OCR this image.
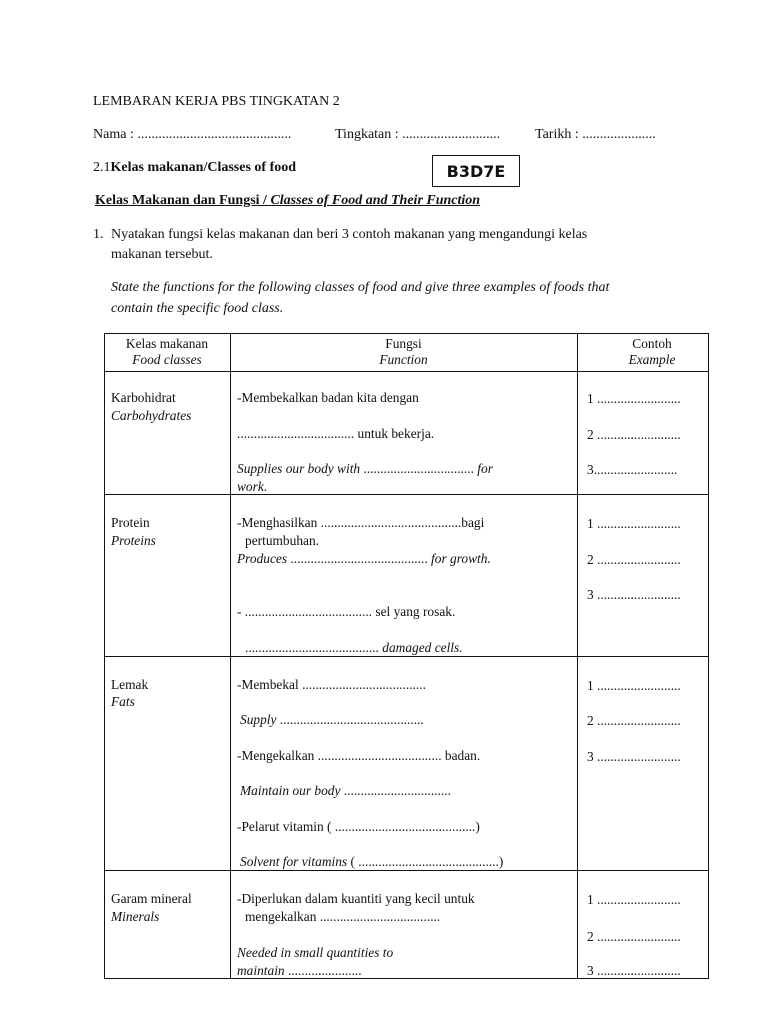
LEMBARAN KERJA PBS TINGKATAN 2
Nama : ............................................	Tingkatan : ............................ Tarikh : .....................
2.1Kelas makanan/Classes of food	B3D7E
Kelas Makanan dan Fungsi / Classes of Food and Their Function
1. Nyatakan fungsi kelas makanan dan beri 3 contoh makanan yang mengandungi kelas
makanan tersebut.
State the functions for the following classes of food and give three examples of foods that
contain the specific food class.
Kelas makanan
Food classes
Fungsi
Function
Contoh
Example
Karbohidrat
Carbohydrates
-Membekalkan badan kita dengan
................................... untuk bekerja.
Supplies our body with ................................. for
work.
1 .........................
2 .........................
3.........................
Protein
Proteins
-Menghasilkan ..........................................bagi
pertumbuhan.
Produces ......................................... for growth.
- ...................................... sel yang rosak.
........................................ damaged cells.
1 .........................
2 .........................
3 .........................
Lemak
Fats
-Membekal .....................................
Supply ...........................................
-Mengekalkan ..................................... badan.
Maintain our body ................................
-Pelarut vitamin ( ..........................................)
Solvent for vitamins ( ..........................................)
1 .........................
2 .........................
3 .........................
Garam mineral
Minerals
-Diperlukan dalam kuantiti yang kecil untuk
mengekalkan ....................................
Needed in small quantities to
maintain ......................
1 .........................
2 .........................
3 .........................
